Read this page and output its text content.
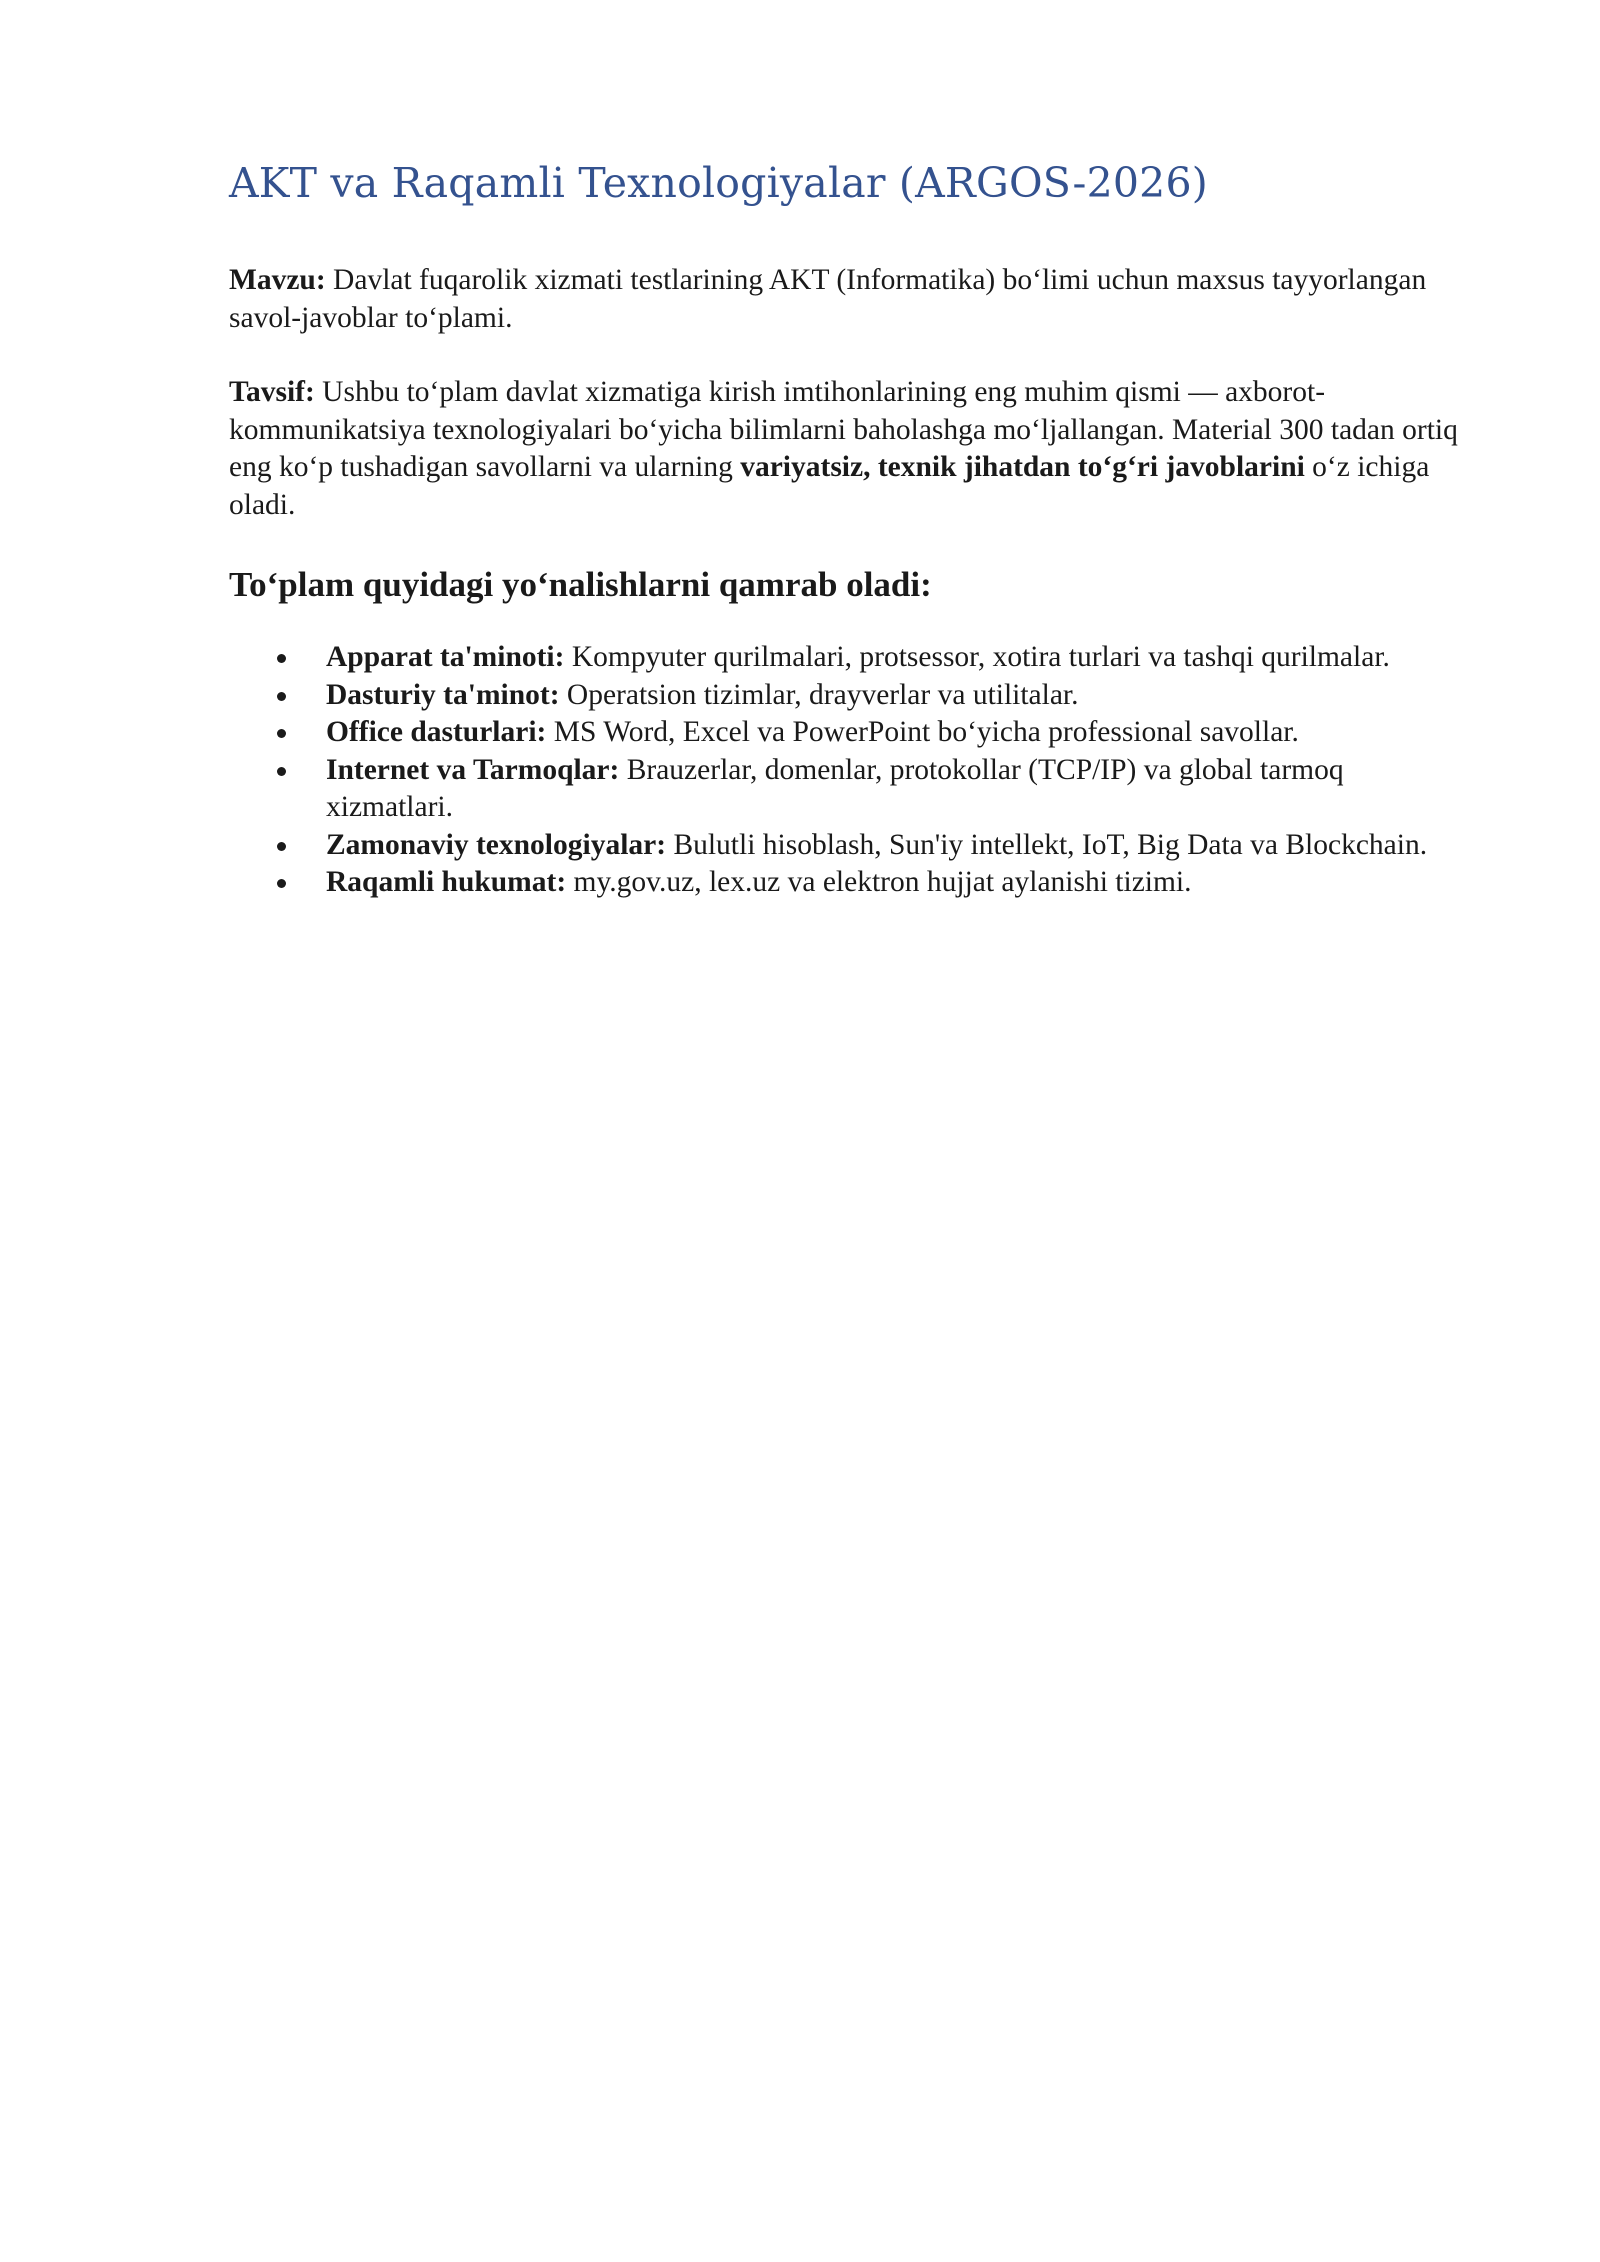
AKT va Raqamli Texnologiyalar (ARGOS-2026)

Mavzu: Davlat fuqarolik xizmati testlarining AKT (Informatika) bo‘limi uchun maxsus tayyorlangan savol-javoblar to‘plami.

Tavsif: Ushbu to‘plam davlat xizmatiga kirish imtihonlarining eng muhim qismi — axborot-kommunikatsiya texnologiyalari bo‘yicha bilimlarni baholashga mo‘ljallangan. Material 300 tadan ortiq eng ko‘p tushadigan savollarni va ularning variyatsiz, texnik jihatdan to‘g‘ri javoblarini o‘z ichiga oladi.

To‘plam quyidagi yo‘nalishlarni qamrab oladi:
Apparat ta'minoti: Kompyuter qurilmalari, protsessor, xotira turlari va tashqi qurilmalar.
Dasturiy ta'minot: Operatsion tizimlar, drayverlar va utilitalar.
Office dasturlari: MS Word, Excel va PowerPoint bo‘yicha professional savollar.
Internet va Tarmoqlar: Brauzerlar, domenlar, protokollar (TCP/IP) va global tarmoq xizmatlari.
Zamonaviy texnologiyalar: Bulutli hisoblash, Sun'iy intellekt, IoT, Big Data va Blockchain.
Raqamli hukumat: my.gov.uz, lex.uz va elektron hujjat aylanishi tizimi.
